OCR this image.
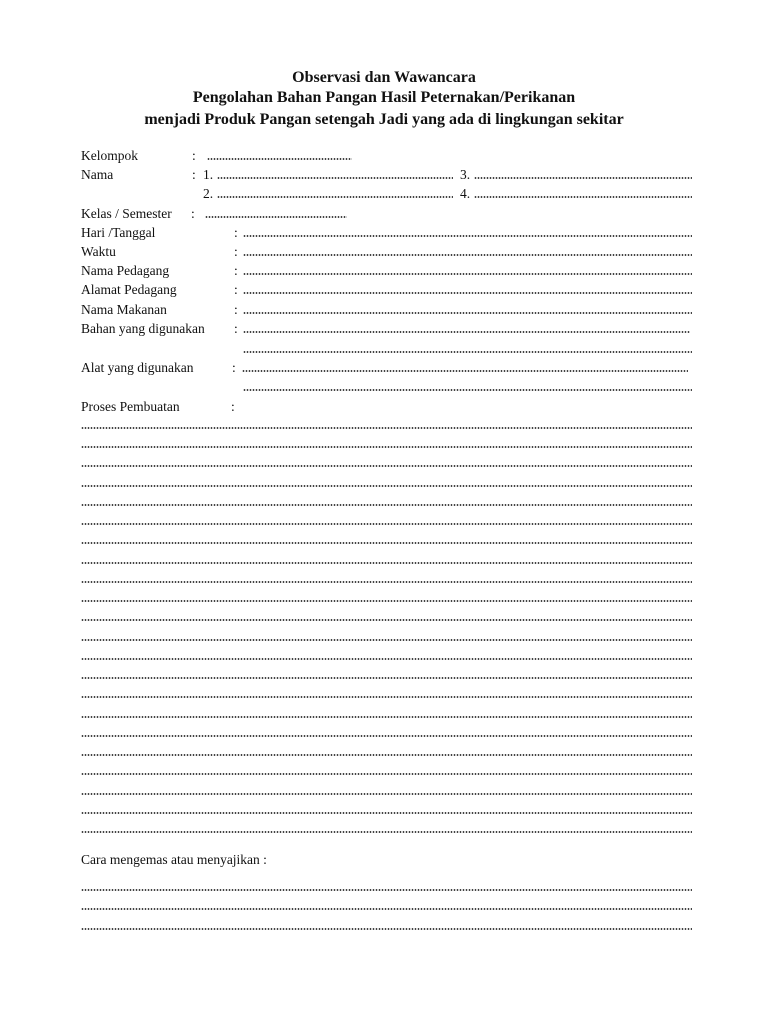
Observasi dan Wawancara
Pengolahan Bahan Pangan Hasil Peternakan/Perikanan
menjadi Produk Pangan setengah Jadi yang ada di lingkungan sekitar
Kelompok	:
Nama	: 1.	3.
2.	4.
Kelas / Semester :
Hari /Tanggal	:
Waktu	:
Nama Pedagang	:
Alamat Pedagang	:
Nama Makanan	:
Bahan yang digunakan :
Alat yang digunakan	:
Proses Pembuatan	:
Cara mengemas atau menyajikan :
